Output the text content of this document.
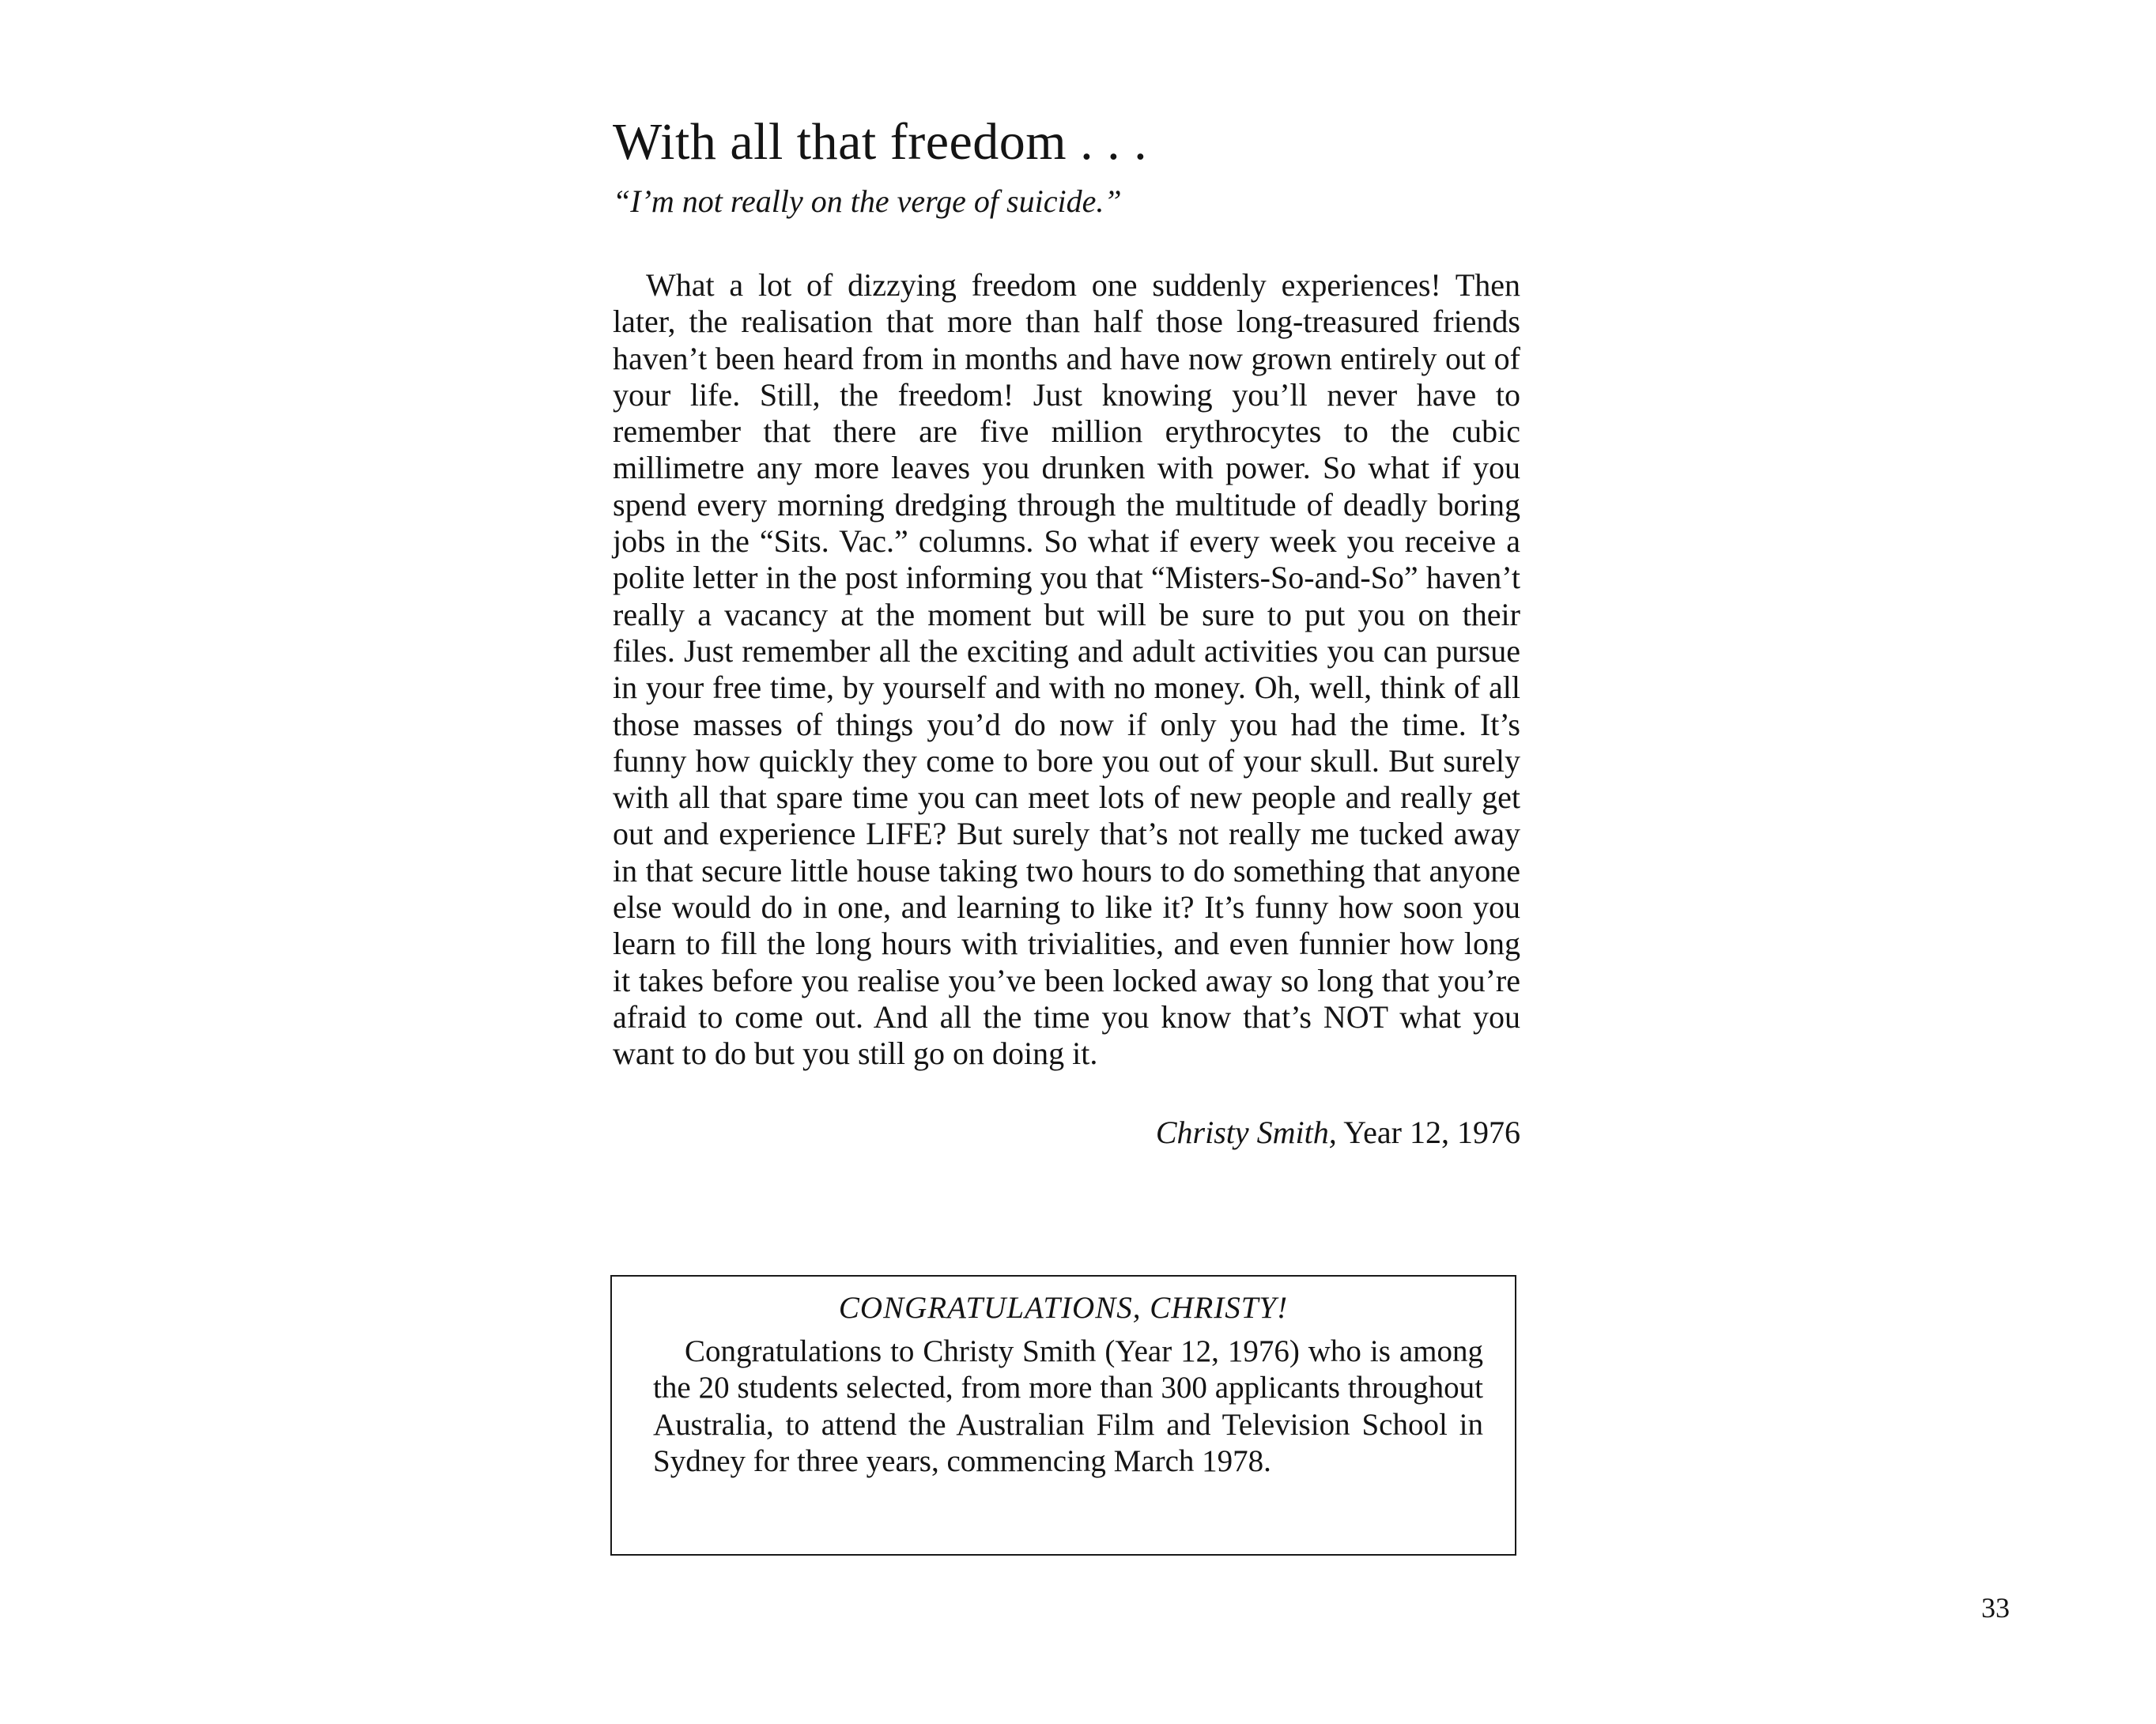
With all that freedom . . .

“I’m not really on the verge of suicide.”

What a lot of dizzying freedom one suddenly experiences! Then later, the realisation that more than half those long-treasured friends haven’t been heard from in months and have now grown entirely out of your life. Still, the freedom! Just knowing you’ll never have to remember that there are five million erythrocytes to the cubic millimetre any more leaves you drunken with power. So what if you spend every morning dredging through the multitude of deadly boring jobs in the “Sits. Vac.” columns. So what if every week you receive a polite letter in the post informing you that “Misters-So-and-So” haven’t really a vacancy at the moment but will be sure to put you on their files. Just remember all the exciting and adult activities you can pursue in your free time, by yourself and with no money. Oh, well, think of all those masses of things you’d do now if only you had the time. It’s funny how quickly they come to bore you out of your skull. But surely with all that spare time you can meet lots of new people and really get out and experience LIFE? But surely that’s not really me tucked away in that secure little house taking two hours to do something that anyone else would do in one, and learning to like it? It’s funny how soon you learn to fill the long hours with trivialities, and even funnier how long it takes before you realise you’ve been locked away so long that you’re afraid to come out. And all the time you know that’s NOT what you want to do but you still go on doing it.

Christy Smith, Year 12, 1976

CONGRATULATIONS, CHRISTY!

Congratulations to Christy Smith (Year 12, 1976) who is among the 20 students selected, from more than 300 applicants throughout Australia, to attend the Australian Film and Television School in Sydney for three years, commencing March 1978.

33
